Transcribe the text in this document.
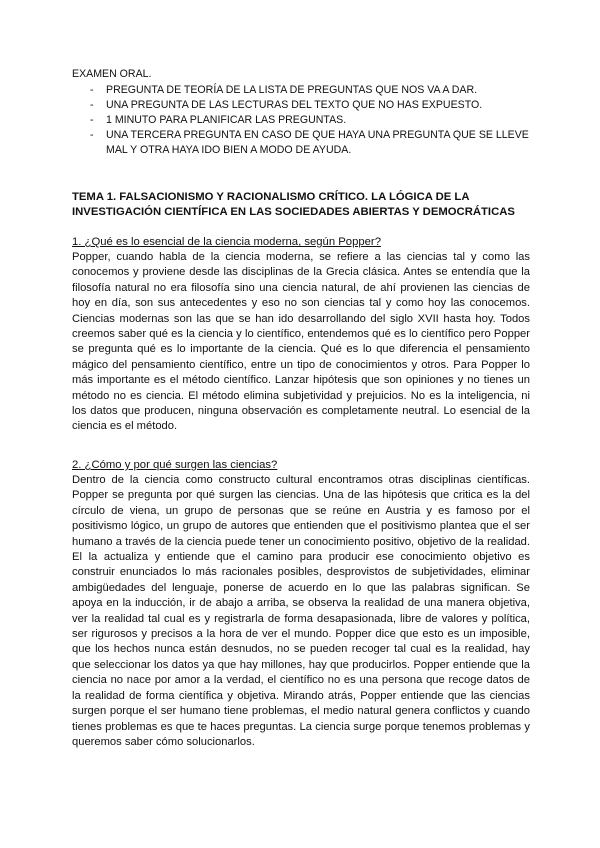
EXAMEN ORAL.
- PREGUNTA DE TEORÍA DE LA LISTA DE PREGUNTAS QUE NOS VA A DAR.
- UNA PREGUNTA DE LAS LECTURAS DEL TEXTO QUE NO HAS EXPUESTO.
- 1 MINUTO PARA PLANIFICAR LAS PREGUNTAS.
- UNA TERCERA PREGUNTA EN CASO DE QUE HAYA UNA PREGUNTA QUE SE LLEVE MAL Y OTRA HAYA IDO BIEN A MODO DE AYUDA.
TEMA 1. FALSACIONISMO Y RACIONALISMO CRÍTICO. LA LÓGICA DE LA INVESTIGACIÓN CIENTÍFICA EN LAS SOCIEDADES ABIERTAS Y DEMOCRÁTICAS
1. ¿Qué es lo esencial de la ciencia moderna, según Popper?

Popper, cuando habla de la ciencia moderna, se refiere a las ciencias tal y como las conocemos y proviene desde las disciplinas de la Grecia clásica. Antes se entendía que la filosofía natural no era filosofía sino una ciencia natural, de ahí provienen las ciencias de hoy en día, son sus antecedentes y eso no son ciencias tal y como hoy las conocemos. Ciencias modernas son las que se han ido desarrollando del siglo XVII hasta hoy. Todos creemos saber qué es la ciencia y lo científico, entendemos qué es lo científico pero Popper se pregunta qué es lo importante de la ciencia. Qué es lo que diferencia el pensamiento mágico del pensamiento científico, entre un tipo de conocimientos y otros. Para Popper lo más importante es el método científico. Lanzar hipótesis que son opiniones y no tienes un método no es ciencia. El método elimina subjetividad y prejuicios. No es la inteligencia, ni los datos que producen, ninguna observación es completamente neutral. Lo esencial de la ciencia es el método.

2. ¿Cómo y por qué surgen las ciencias?

Dentro de la ciencia como constructo cultural encontramos otras disciplinas científicas. Popper se pregunta por qué surgen las ciencias. Una de las hipótesis que critica es la del círculo de viena, un grupo de personas que se reúne en Austria y es famoso por el positivismo lógico, un grupo de autores que entienden que el positivismo plantea que el ser humano a través de la ciencia puede tener un conocimiento positivo, objetivo de la realidad. El la actualiza y entiende que el camino para producir ese conocimiento objetivo es construir enunciados lo más racionales posibles, desprovistos de subjetividades, eliminar ambigüedades del lenguaje, ponerse de acuerdo en lo que las palabras significan. Se apoya en la inducción, ir de abajo a arriba, se observa la realidad de una manera objetiva, ver la realidad tal cual es y registrarla de forma desapasionada, libre de valores y política, ser rigurosos y precisos a la hora de ver el mundo. Popper dice que esto es un imposible, que los hechos nunca están desnudos, no se pueden recoger tal cual es la realidad, hay que seleccionar los datos ya que hay millones, hay que producirlos. Popper entiende que la ciencia no nace por amor a la verdad, el científico no es una persona que recoge datos de la realidad de forma científica y objetiva. Mirando atrás, Popper entiende que las ciencias surgen porque el ser humano tiene problemas, el medio natural genera conflictos y cuando tienes problemas es que te haces preguntas. La ciencia surge porque tenemos problemas y queremos saber cómo solucionarlos.
